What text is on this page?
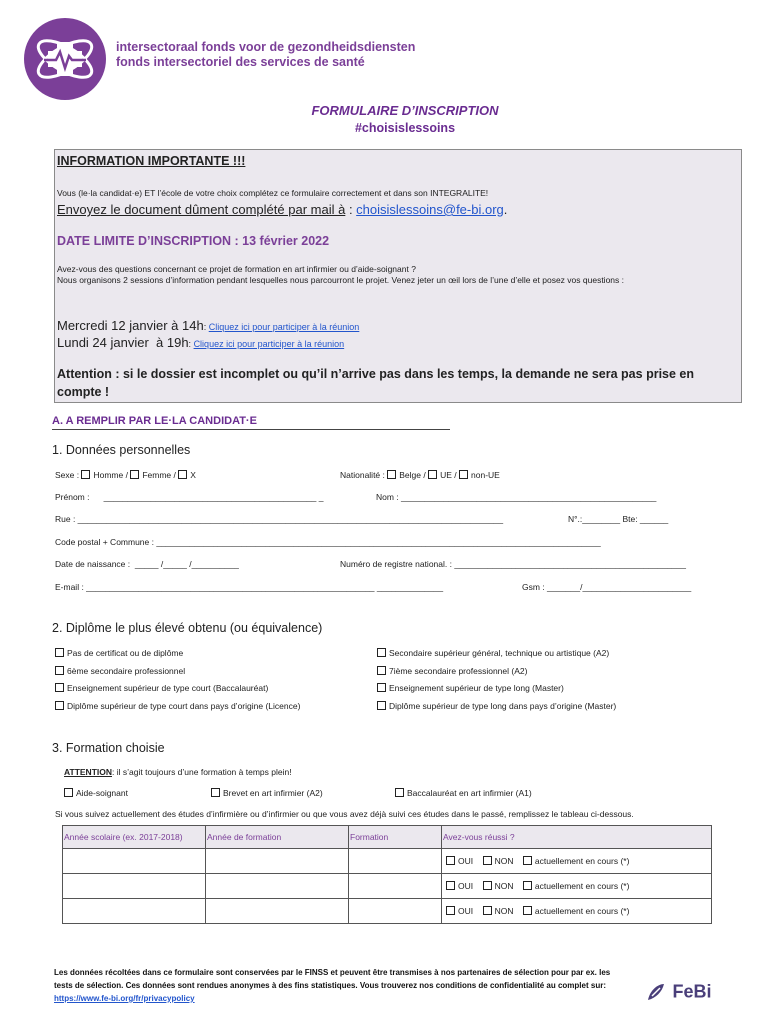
intersectoraal fonds voor de gezondheidsdiensten
fonds intersectoriel des services de santé
FORMULAIRE D’INSCRIPTION
#choisislessoins
INFORMATION IMPORTANTE !!!
Vous (le·la candidat·e) ET l’école de votre choix complétez ce formulaire correctement et dans son INTEGRALITE!
Envoyez le document dûment complété par mail à : choisislessoins@fe-bi.org.
DATE LIMITE D’INSCRIPTION : 13 février 2022
Avez-vous des questions concernant ce projet de formation en art infirmier ou d’aide-soignant ?
Nous organisons 2 sessions d’information pendant lesquelles nous parcourront le projet. Venez jeter un œil lors de l’une d’elle et posez vos questions :
Mercredi 12 janvier à 14h: Cliquez ici pour participer à la réunion
Lundi 24 janvier  à 19h: Cliquez ici pour participer à la réunion
Attention : si le dossier est incomplet ou qu’il n’arrive pas dans les temps, la demande ne sera pas prise en compte !
A. A REMPLIR PAR LE·LA CANDIDAT·E
1. Données personnelles
Sexe : Homme / Femme / X	Nationalité : Belge / UE / non-UE
Prénom :      _____________________________________________ _	Nom : ______________________________________________________
Rue : __________________________________________________________________________________________	N°.:________ Bte: ______
Code postal + Commune : ______________________________________________________________________________________________
Date de naissance :  _____ /_____ /__________	Numéro de registre national. : _________________________________________________
E-mail : _____________________________________________________________ ______________	Gsm : _______/_______________________
2. Diplôme le plus élevé obtenu (ou équivalence)
Pas de certificat ou de diplôme
6ème secondaire professionnel
Enseignement supérieur de type court (Baccalauréat)
Diplôme supérieur de type court dans pays d’origine (Licence)
Secondaire supérieur général, technique ou artistique (A2)
7ième secondaire professionnel (A2)
Enseignement supérieur de type long (Master)
Diplôme supérieur de type long dans pays d’origine (Master)
3. Formation choisie
ATTENTION: il s’agit toujours d’une formation à temps plein!
Aide-soignant	Brevet en art infirmier (A2)	Baccalauréat en art infirmier (A1)
Si vous suivez actuellement des études d’infirmière ou d’infirmier ou que vous avez déjà suivi ces études dans le passé, remplissez le tableau ci-dessous.
Année scolaire (ex. 2017-2018)	Année de formation	Formation	Avez-vous réussi ?
			OUI NON actuellement en cours (*)
			OUI NON actuellement en cours (*)
			OUI NON actuellement en cours (*)
Les données récoltées dans ce formulaire sont conservées par le FINSS et peuvent être transmises à nos partenaires de sélection pour par ex. les tests de sélection. Ces données sont rendues anonymes à des fins statistiques. Vous trouverez nos conditions de confidentialité au complet sur: https://www.fe-bi.org/fr/privacypolicy	FeBi
